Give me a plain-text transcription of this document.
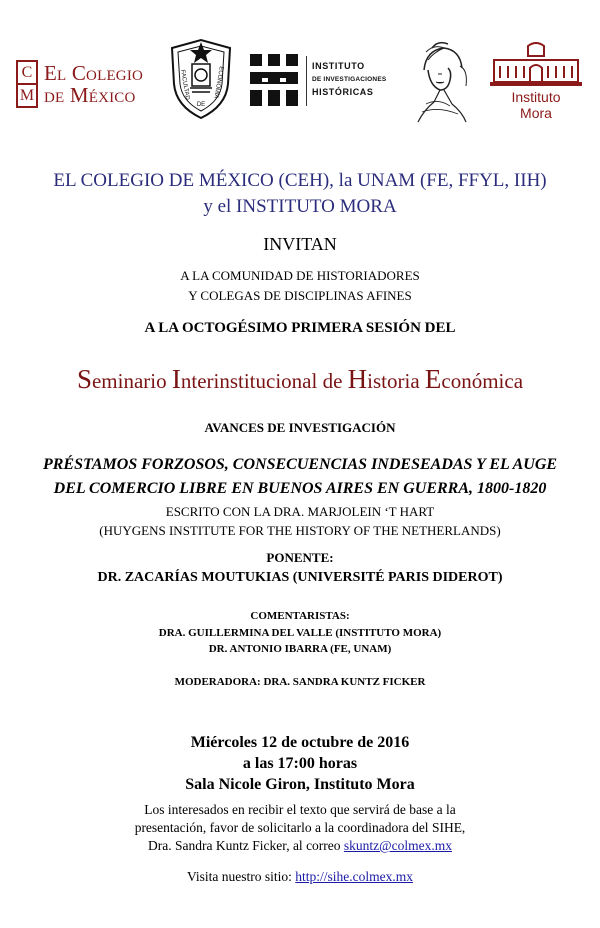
C
M
El Colegio
de México	FACULTAD	ECONOMÍA
DE
INSTITUTO
DE INVESTIGACIONES
HISTÓRICAS	Instituto
Mora
EL COLEGIO DE MÉXICO (CEH), la UNAM (FE, FFYL, IIH)
y el INSTITUTO MORA
INVITAN
A LA COMUNIDAD DE HISTORIADORES
Y COLEGAS DE DISCIPLINAS AFINES
A LA OCTOGÉSIMO PRIMERA SESIÓN DEL
Seminario Interinstitucional de Historia Económica
AVANCES DE INVESTIGACIÓN
PRÉSTAMOS FORZOSOS, CONSECUENCIAS INDESEADAS Y EL AUGE
DEL COMERCIO LIBRE EN BUENOS AIRES EN GUERRA, 1800-1820
ESCRITO CON LA DRA. MARJOLEIN ‘T HART
(HUYGENS INSTITUTE FOR THE HISTORY OF THE NETHERLANDS)
PONENTE:
DR. ZACARÍAS MOUTUKIAS (UNIVERSITÉ PARIS DIDEROT)
COMENTARISTAS:
DRA. GUILLERMINA DEL VALLE (INSTITUTO MORA)
DR. ANTONIO IBARRA (FE, UNAM)
MODERADORA: DRA. SANDRA KUNTZ FICKER
Miércoles 12 de octubre de 2016
a las 17:00 horas
Sala Nicole Giron, Instituto Mora
Los interesados en recibir el texto que servirá de base a la
presentación, favor de solicitarlo a la coordinadora del SIHE,
Dra. Sandra Kuntz Ficker, al correo skuntz@colmex.mx
Visita nuestro sitio: http://sihe.colmex.mx
